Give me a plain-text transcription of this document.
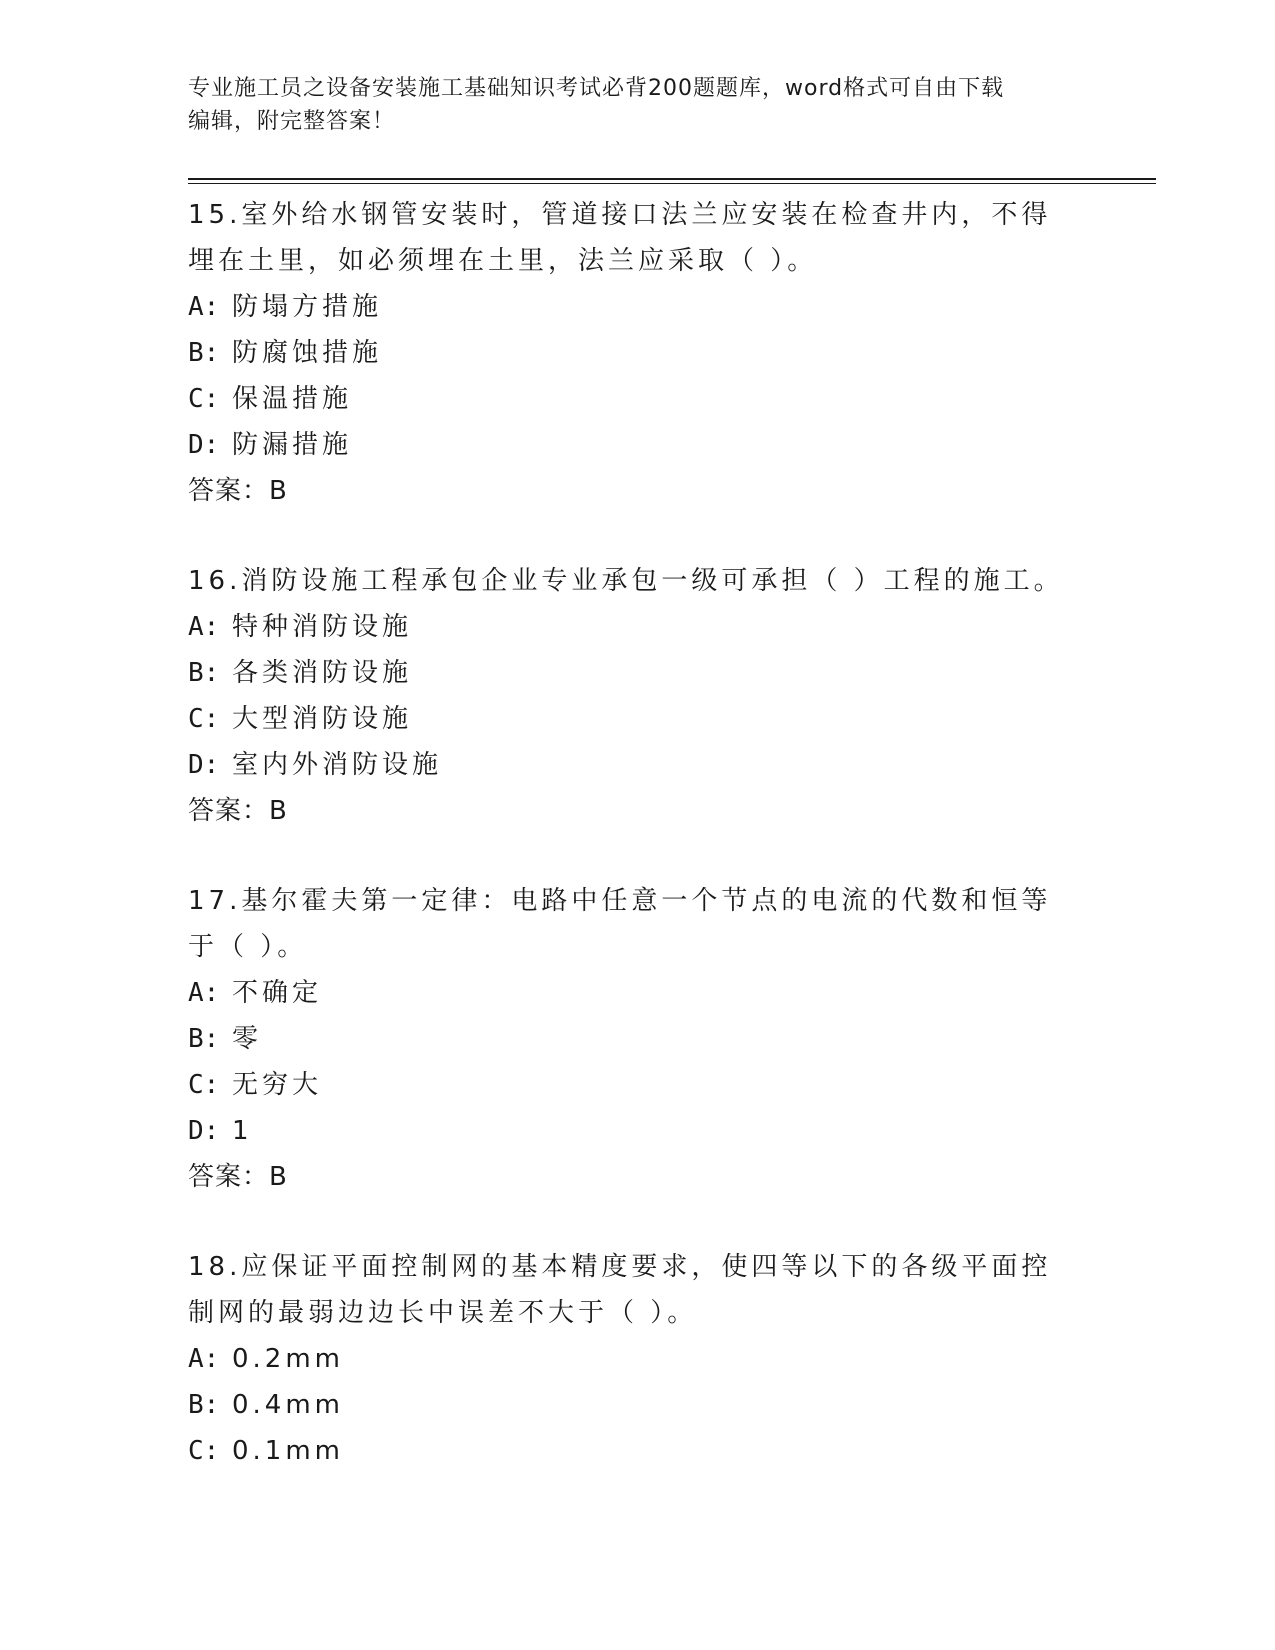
专业施工员之设备安装施工基础知识考试必背200题题库，word格式可自由下载
编辑，附完整答案！
15.室外给水钢管安装时，管道接口法兰应安装在检查井内，不得埋在土里，如必须埋在土里，法兰应采取（ ）。
A: 防塌方措施
B: 防腐蚀措施
C: 保温措施
D: 防漏措施
答案：B
16.消防设施工程承包企业专业承包一级可承担（ ）工程的施工。
A: 特种消防设施
B: 各类消防设施
C: 大型消防设施
D: 室内外消防设施
答案：B
17.基尔霍夫第一定律：电路中任意一个节点的电流的代数和恒等于（ ）。
A: 不确定
B: 零
C: 无穷大
D: 1
答案：B
18.应保证平面控制网的基本精度要求，使四等以下的各级平面控制网的最弱边边长中误差不大于（ ）。
A: 0.2mm
B: 0.4mm
C: 0.1mm
